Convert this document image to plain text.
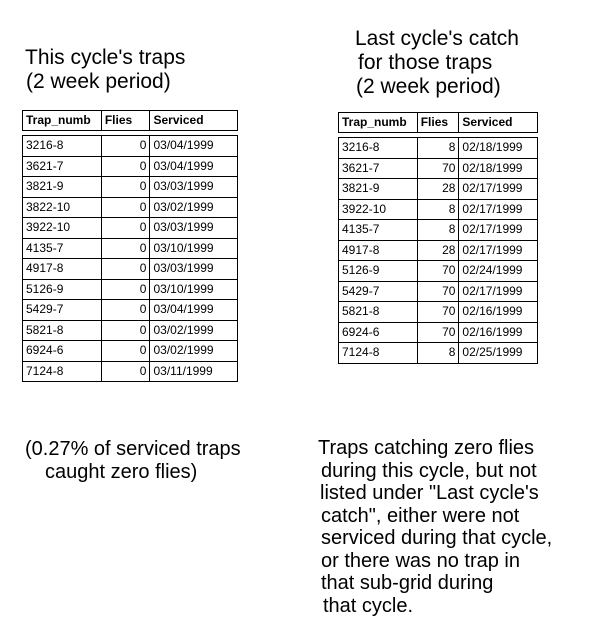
This cycle's traps
(2 week period)
Last cycle's catch
for those traps
(2 week period)
Trap_numb	Flies	Serviced

3216-8	0	03/04/1999
3621-7	0	03/04/1999
3821-9	0	03/03/1999
3822-10	0	03/02/1999
3922-10	0	03/03/1999
4135-7	0	03/10/1999
4917-8	0	03/03/1999
5126-9	0	03/10/1999
5429-7	0	03/04/1999
5821-8	0	03/02/1999
6924-6	0	03/02/1999
7124-8	0	03/11/1999
Trap_numb	Flies	Serviced

3216-8	8	02/18/1999
3621-7	70	02/18/1999
3821-9	28	02/17/1999
3922-10	8	02/17/1999
4135-7	8	02/17/1999
4917-8	28	02/17/1999
5126-9	70	02/24/1999
5429-7	70	02/17/1999
5821-8	70	02/16/1999
6924-6	70	02/16/1999
7124-8	8	02/25/1999
(0.27% of serviced traps
caught zero flies)
Traps catching zero flies
during this cycle, but not
listed under "Last cycle's
catch", either were not
serviced during that cycle,
or there was no trap in
that sub-grid during
that cycle.
